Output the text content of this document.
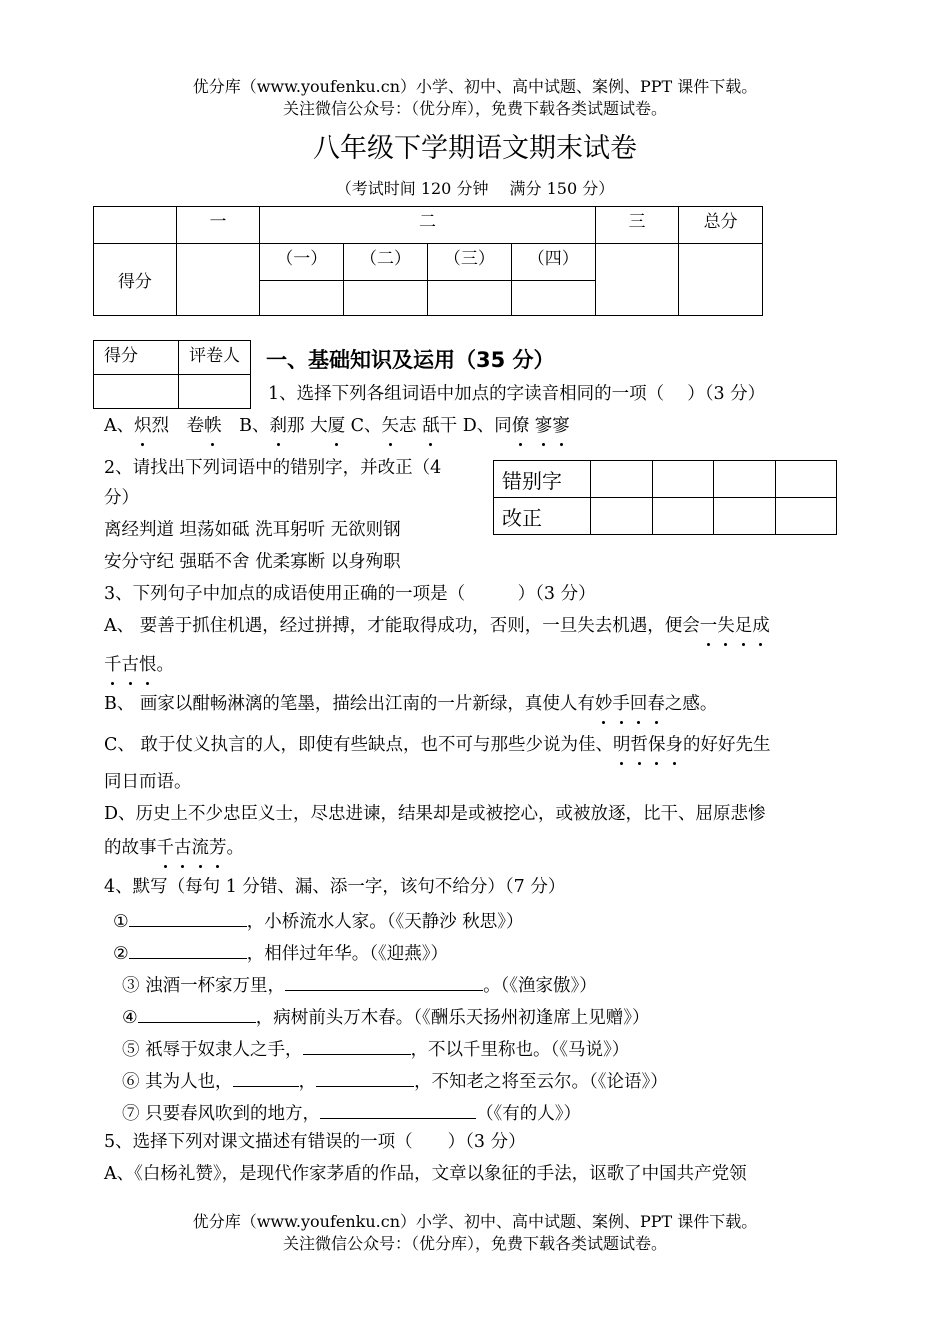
优分库（www.youfenku.cn）小学、初中、高中试题、案例、PPT 课件下载。
关注微信公众号：（优分库），免费下载各类试题试卷。
八年级下学期语文期末试卷
（考试时间 120 分钟　 满分 150 分）
	一	二				三	总分
得分		（一）	（二）	（三）	（四）		

得分	评卷人
	一、基础知识及运用（35 分）
1、选择下列各组词语中加点的字读音相同的一项（　 ）（3 分）
A、炽烈　卷帙　B、刹那 大厦 C、矢志 舐干 D、同僚 寥寥
2、请找出下列词语中的错别字，并改正（4
分）
离经判道 坦荡如砥 洗耳躬听 无欲则钢
安分守纪 强聒不舍 优柔寡断 以身殉职
错别字				
改正				
3、下列句子中加点的成语使用正确的一项是（　　　）（3 分）
A、 要善于抓住机遇，经过拼搏，才能取得成功，否则，一旦失去机遇，便会一失足成
千古恨。
B、 画家以酣畅淋漓的笔墨，描绘出江南的一片新绿，真使人有妙手回春之感。
C、 敢于仗义执言的人，即使有些缺点，也不可与那些少说为佳、明哲保身的好好先生
同日而语。
D、历史上不少忠臣义士，尽忠进谏，结果却是或被挖心，或被放逐，比干、屈原悲惨
的故事千古流芳。
4、默写（每句 1 分错、漏、添一字，该句不给分）（7 分）
①	，小桥流水人家。（《天静沙 秋思》）
②	，相伴过年华。（《迎燕》）
③ 浊酒一杯家万里，	。（《渔家傲》）
④	，病树前头万木春。（《酬乐天扬州初逢席上见赠》）
⑤ 祇辱于奴隶人之手，	，不以千里称也。（《马说》）
⑥ 其为人也，	，	，不知老之将至云尔。（《论语》）
⑦ 只要春风吹到的地方，	（《有的人》）
5、选择下列对课文描述有错误的一项（　　）（3 分）
A、《白杨礼赞》，是现代作家茅盾的作品，文章以象征的手法，讴歌了中国共产党领
优分库（www.youfenku.cn）小学、初中、高中试题、案例、PPT 课件下载。
关注微信公众号：（优分库），免费下载各类试题试卷。
